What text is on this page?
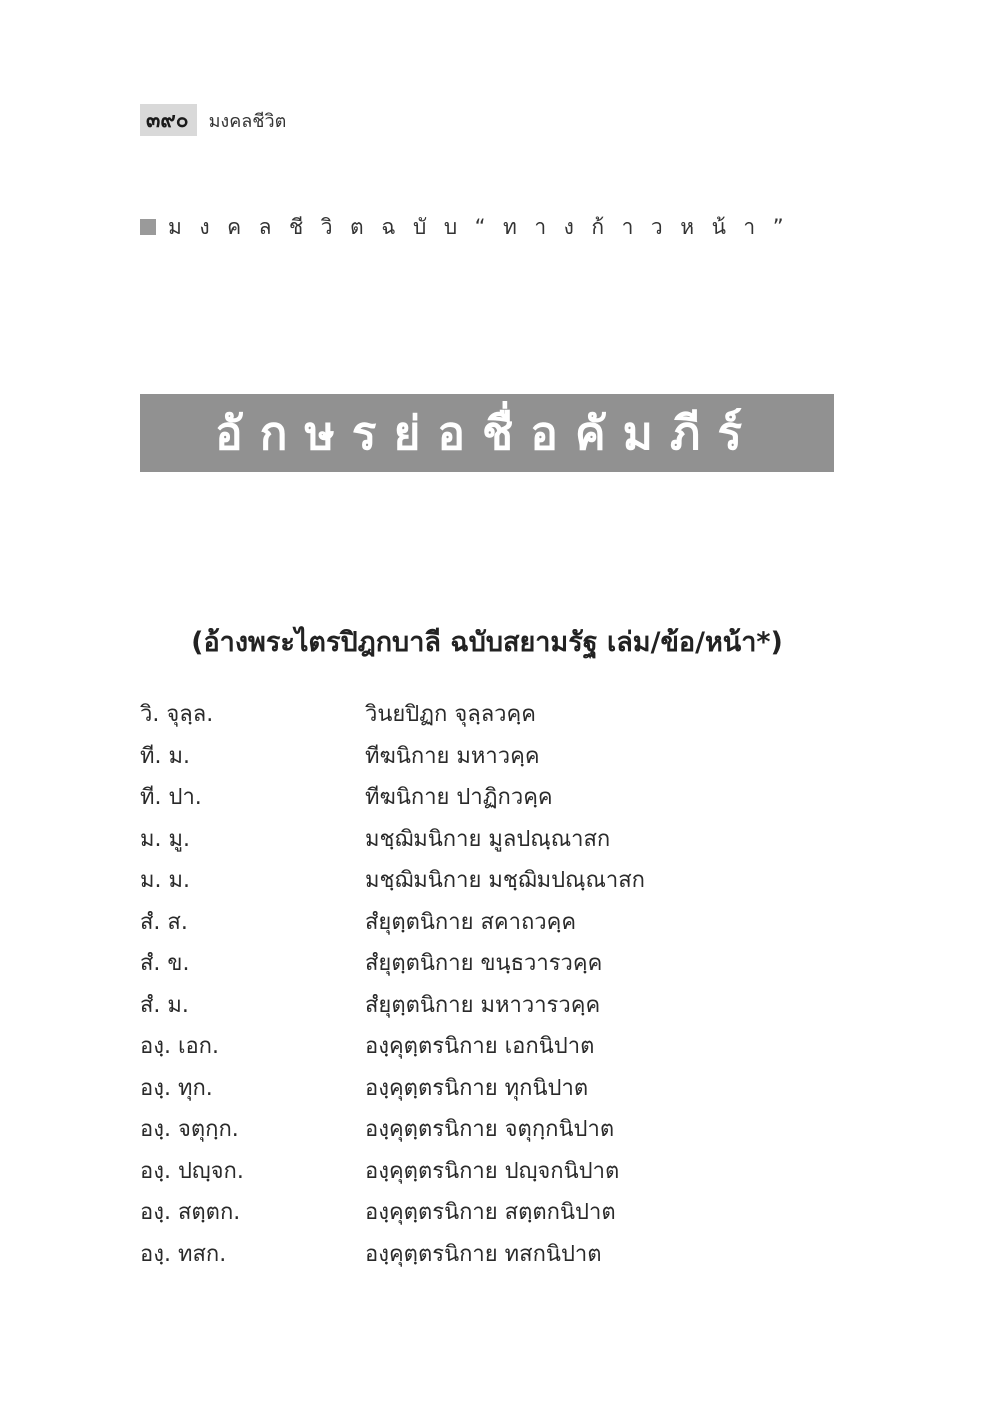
๓๙๐	มงคลชีวิต
มงคลชีวิตฉบับ“ทางก้าวหน้า”
อักษรย่อชื่อคัมภีร์
(อ้างพระไตรปิฎกบาลี ฉบับสยามรัฐ เล่ม/ข้อ/หน้า*)
วิ. จุลฺล.	วินยปิฏก จุลฺลวคฺค
ที. ม.	ทีฆนิกาย มหาวคฺค
ที. ปา.	ทีฆนิกาย ปาฏิกวคฺค
ม. มู.	มชฺฌิมนิกาย มูลปณฺณาสก
ม. ม.	มชฺฌิมนิกาย มชฺฌิมปณฺณาสก
สํ. ส.	สํยุตฺตนิกาย สคาถวคฺค
สํ. ข.	สํยุตฺตนิกาย ขนฺธวารวคฺค
สํ. ม.	สํยุตฺตนิกาย มหาวารวคฺค
องฺ. เอก.	องฺคุตฺตรนิกาย เอกนิปาต
องฺ. ทุก.	องฺคุตฺตรนิกาย ทุกนิปาต
องฺ. จตุกฺก.	องฺคุตฺตรนิกาย จตุกฺกนิปาต
องฺ. ปญฺจก.	องฺคุตฺตรนิกาย ปญฺจกนิปาต
องฺ. สตฺตก.	องฺคุตฺตรนิกาย สตฺตกนิปาต
องฺ. ทสก.	องฺคุตฺตรนิกาย ทสกนิปาต
